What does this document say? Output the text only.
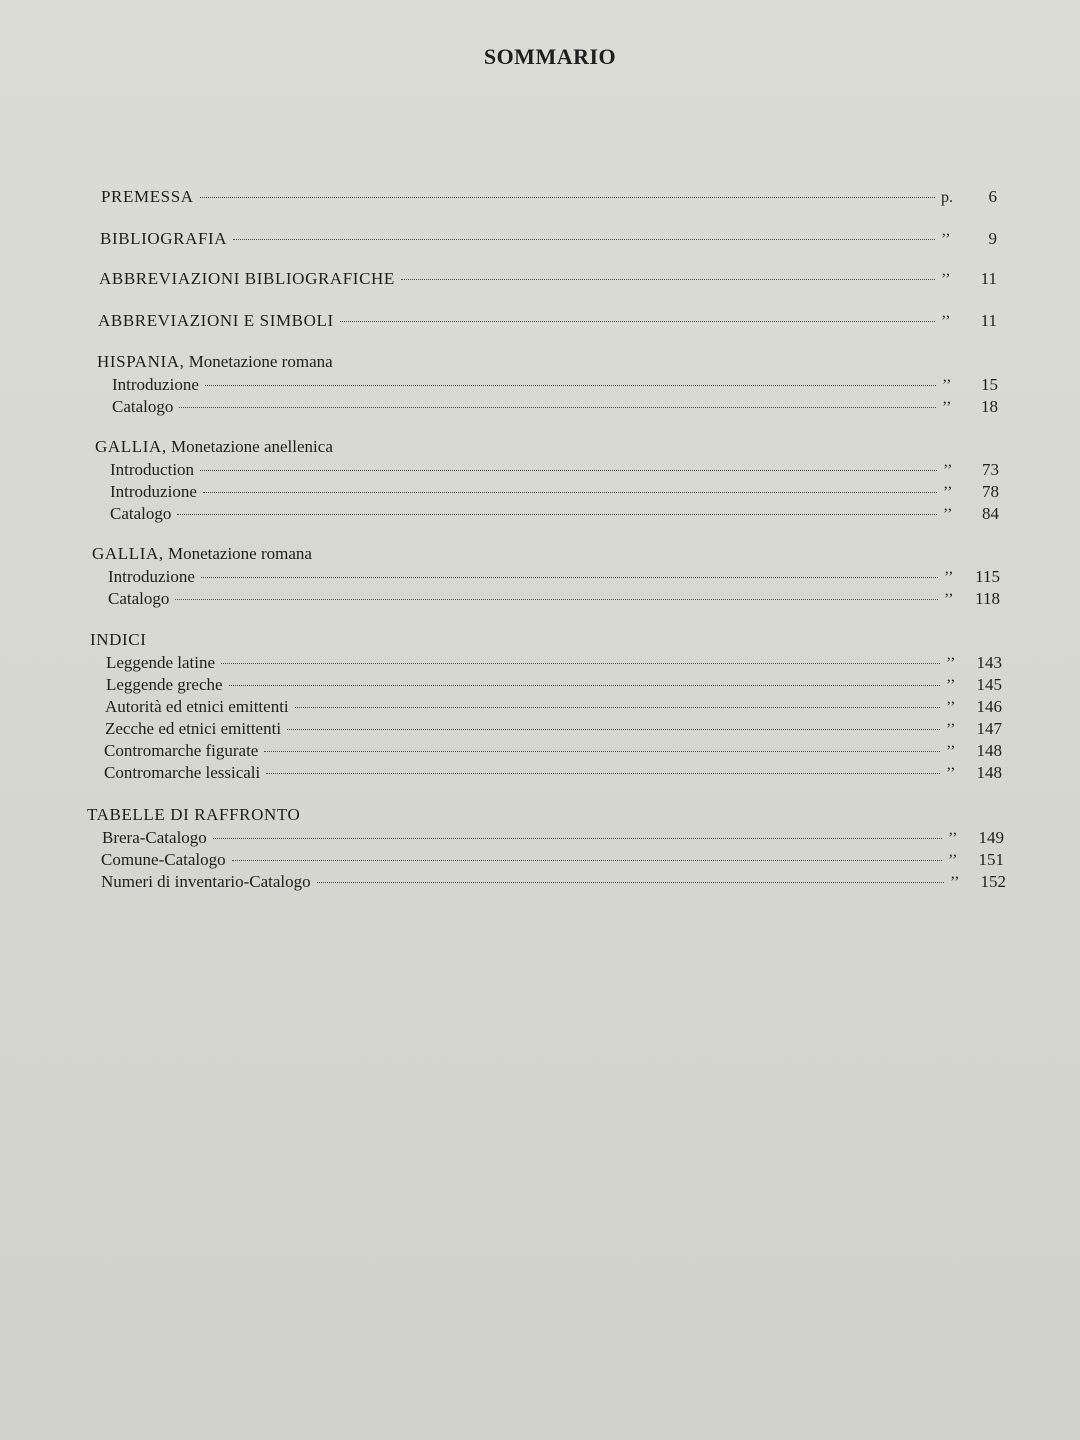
SOMMARIO
PREMESSA	p.	6
BIBLIOGRAFIA	’’	9
ABBREVIAZIONI BIBLIOGRAFICHE	’’	11
ABBREVIAZIONI E SIMBOLI	’’	11
HISPANIA, Monetazione romana
Introduzione	’’	15
Catalogo	’’	18
GALLIA, Monetazione anellenica
Introduction	’’	73
Introduzione	’’	78
Catalogo	’’	84
GALLIA, Monetazione romana
Introduzione	’’	115
Catalogo	’’	118
INDICI
Leggende latine	’’	143
Leggende greche	’’	145
Autorità ed etnici emittenti	’’	146
Zecche ed etnici emittenti	’’	147
Contromarche figurate	’’	148
Contromarche lessicali	’’	148
TABELLE DI RAFFRONTO
Brera-Catalogo	’’	149
Comune-Catalogo	’’	151
Numeri di inventario-Catalogo	’’	152
